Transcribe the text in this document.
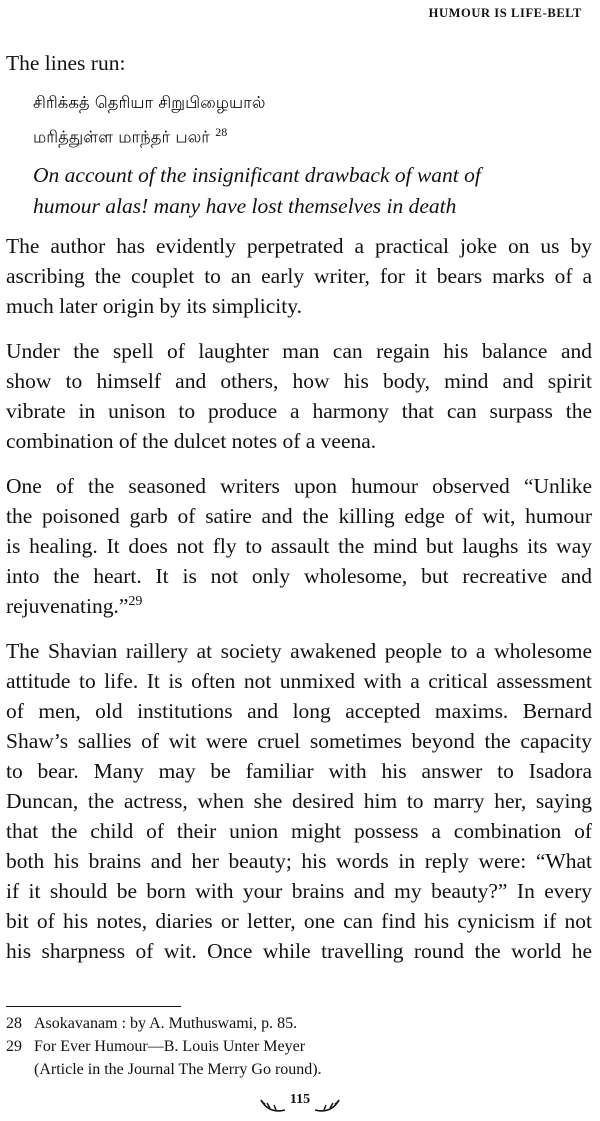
HUMOUR IS LIFE-BELT
The lines run:
சிரிக்கத் தெரியா சிறுபிழையால்
மரித்துள்ள மாந்தர் பலர் $^{28}$
On account of the insignificant drawback of want of
humour alas! many have lost themselves in death
The author has evidently perpetrated a practical joke on us by
ascribing the couplet to an early writer, for it bears marks of a
much later origin by its simplicity.
Under the spell of laughter man can regain his balance and
show to himself and others, how his body, mind and spirit
vibrate in unison to produce a harmony that can surpass the
combination of the dulcet notes of a veena.
One of the seasoned writers upon humour observed “Unlike
the poisoned garb of satire and the killing edge of wit, humour
is healing. It does not fly to assault the mind but laughs its way
into the heart. It is not only wholesome, but recreative and
rejuvenating.”$^{29}$
The Shavian raillery at society awakened people to a wholesome
attitude to life. It is often not unmixed with a critical assessment
of men, old institutions and long accepted maxims. Bernard
Shaw’s sallies of wit were cruel sometimes beyond the capacity
to bear. Many may be familiar with his answer to Isadora
Duncan, the actress, when she desired him to marry her, saying
that the child of their union might possess a combination of
both his brains and her beauty; his words in reply were: “What
if it should be born with your brains and my beauty?” In every
bit of his notes, diaries or letter, one can find his cynicism if not
his sharpness of wit. Once while travelling round the world he
28 Asokavanam : by A. Muthuswami, p. 85.
29 For Ever Humour—B. Louis Unter Meyer
(Article in the Journal The Merry Go round).
115
